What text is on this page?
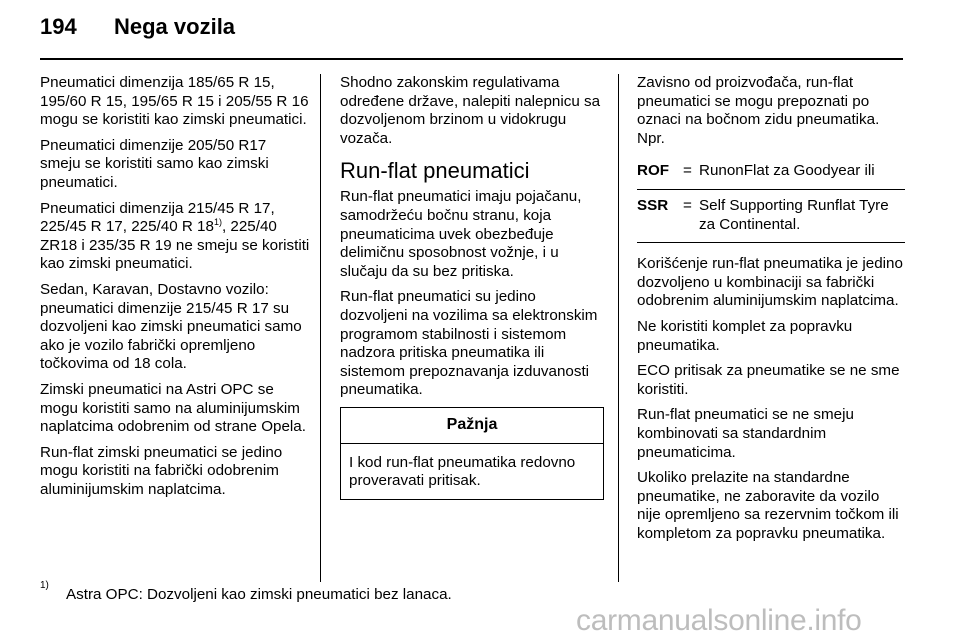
194	Nega vozila

Pneumatici dimenzija 185/65 R 15, 195/60 R 15, 195/65 R 15 i 205/55 R 16 mogu se koristiti kao zimski pneumatici.

Pneumatici dimenzije 205/50 R17 smeju se koristiti samo kao zimski pneumatici.

Pneumatici dimenzija 215/45 R 17, 225/45 R 17, 225/40 R 18$^{1)}$, 225/40 ZR18 i 235/35 R 19 ne smeju se koristiti kao zimski pneumatici.

Sedan, Karavan, Dostavno vozilo: pneumatici dimenzije 215/45 R 17 su dozvoljeni kao zimski pneumatici samo ako je vozilo fabrički opremljeno točkovima od 18 cola.

Zimski pneumatici na Astri OPC se mogu koristiti samo na aluminijumskim naplatcima odobrenim od strane Opela.

Run-flat zimski pneumatici se jedino mogu koristiti na fabrički odobrenim aluminijumskim naplatcima.

Shodno zakonskim regulativama određene države, nalepiti nalepnicu sa dozvoljenom brzinom u vidokrugu vozača.

Run-flat pneumatici

Run-flat pneumatici imaju pojačanu, samodržeću bočnu stranu, koja pneumaticima uvek obezbeđuje delimičnu sposobnost vožnje, i u slučaju da su bez pritiska.

Run-flat pneumatici su jedino dozvoljeni na vozilima sa elektronskim programom stabilnosti i sistemom nadzora pritiska pneumatika ili sistemom prepoznavanja izduvanosti pneumatika.

Pažnja
I kod run-flat pneumatika redovno proveravati pritisak.

Zavisno od proizvođača, run-flat pneumatici se mogu prepoznati po oznaci na bočnom zidu pneumatika. Npr.

ROF = RunonFlat za Goodyear ili
SSR = Self Supporting Runflat Tyre za Continental.

Korišćenje run-flat pneumatika je jedino dozvoljeno u kombinaciji sa fabrički odobrenim aluminijumskim naplatcima.

Ne koristiti komplet za popravku pneumatika.

ECO pritisak za pneumatike se ne sme koristiti.

Run-flat pneumatici se ne smeju kombinovati sa standardnim pneumaticima.

Ukoliko prelazite na standardne pneumatike, ne zaboravite da vozilo nije opremljeno sa rezervnim točkom ili kompletom za popravku pneumatika.

1)
Astra OPC: Dozvoljeni kao zimski pneumatici bez lanaca.
carmanualsonline.info
